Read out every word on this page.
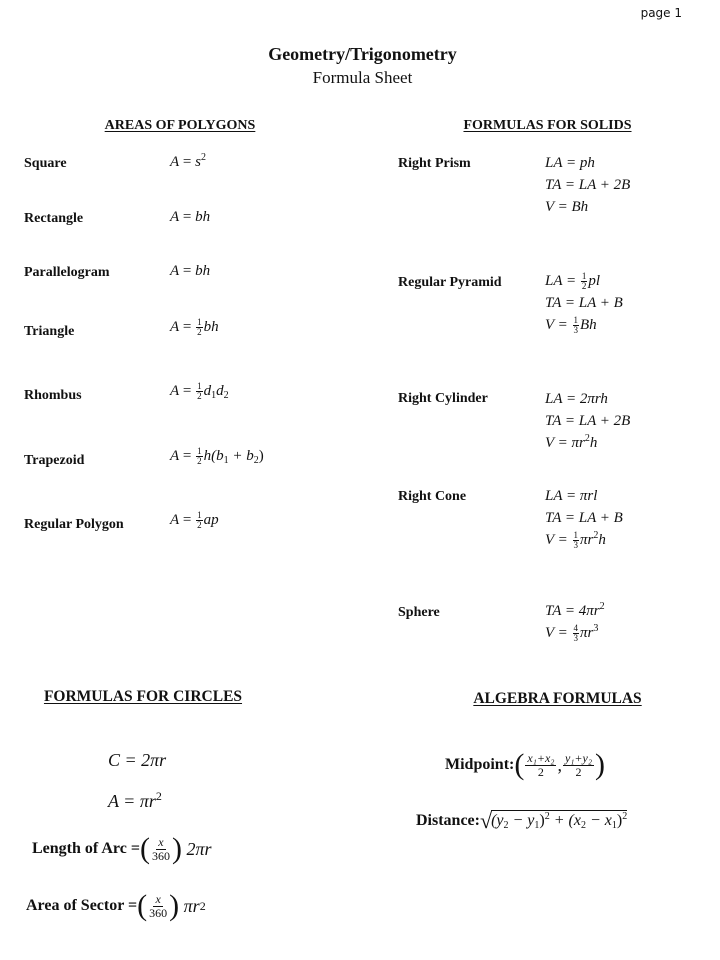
page 1
Geometry/Trigonometry
Formula Sheet
AREAS OF POLYGONS
Square	$A = s^2$
Rectangle	A = bh
Parallelogram	A = bh
Triangle	$A = \frac{1}{2}$ bh
Rhombus	$A = \frac{1}{2} d_1d_2$
Trapezoid	$A = \frac{1}{2} h(b_1 + b_2)$
Regular Polygon	$A = \frac{1}{2}$ ap
FORMULAS FOR SOLIDS
Right Prism	LA = ph
TA = LA + 2B
V = Bh
Regular Pyramid	LA = $\frac{1}{2}$ pl
TA = LA + B
$V = \frac{1}{3}$ Bh
Right Cylinder	LA = 2πrh
TA = LA + 2B
$V = \pi r^2h$
Right Cone	LA = πrl
TA = LA + B
$V = \frac{1}{3} \pi r^2h$
Sphere	TA = $4\pi r^2$
$V = \frac{4}{3} \pi r^3$
FORMULAS FOR CIRCLES
C = 2πr
$A = \pi r^2$
Length of Arc = ( $\frac{x}{360}$ )
2πr
Area of Sector = ( $\frac{x}{360}$ )
πr 2
ALGEBRA FORMULAS
Midpoint: ( $\frac{\text{x₁+x₂}}{2}$ , $\frac{\text{y₁+y₂}}{2}$ )
Distance: √ $(y_2 - y_1)^2 + (x_2 - x_1)^2$
